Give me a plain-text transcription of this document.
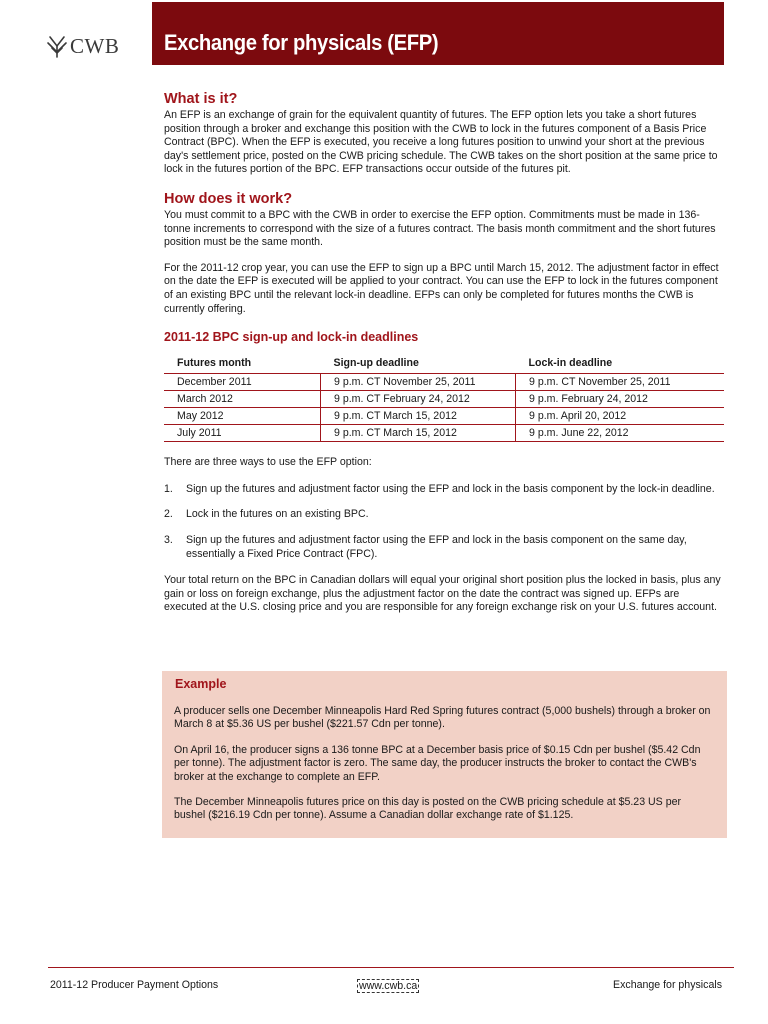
CWB Exchange for physicals (EFP)
What is it?

An EFP is an exchange of grain for the equivalent quantity of futures. The EFP option lets you take a short futures position through a broker and exchange this position with the CWB to lock in the futures component of a Basis Price Contract (BPC). When the EFP is executed, you receive a long futures position to unwind your short at the previous day's settlement price, posted on the CWB pricing schedule. The CWB takes on the short position at the same price to lock in the futures portion of the BPC. EFP transactions occur outside of the futures pit.

How does it work?

You must commit to a BPC with the CWB in order to exercise the EFP option. Commitments must be made in 136-tonne increments to correspond with the size of a futures contract. The basis month commitment and the short futures position must be the same month.

For the 2011-12 crop year, you can use the EFP to sign up a BPC until March 15, 2012. The adjustment factor in effect on the date the EFP is executed will be applied to your contract. You can use the EFP to lock in the futures component of an existing BPC until the relevant lock-in deadline. EFPs can only be completed for futures months the CWB is currently offering.

2011-12 BPC sign-up and lock-in deadlines
Futures month	Sign-up deadline	Lock-in deadline
December 2011	9 p.m. CT November 25, 2011	9 p.m. CT November 25, 2011
March 2012	9 p.m. CT February 24, 2012	9 p.m. February 24, 2012
May 2012	9 p.m. CT March 15, 2012	9 p.m. April 20, 2012
July 2011	9 p.m. CT March 15, 2012	9 p.m. June 22, 2012

There are three ways to use the EFP option:

1. Sign up the futures and adjustment factor using the EFP and lock in the basis component by the lock-in deadline.
2. Lock in the futures on an existing BPC.
3. Sign up the futures and adjustment factor using the EFP and lock in the basis component on the same day, essentially a Fixed Price Contract (FPC).

Your total return on the BPC in Canadian dollars will equal your original short position plus the locked in basis, plus any gain or loss on foreign exchange, plus the adjustment factor on the date the contract was signed up. EFPs are executed at the U.S. closing price and you are responsible for any foreign exchange risk on your U.S. futures account.

Example

A producer sells one December Minneapolis Hard Red Spring futures contract (5,000 bushels) through a broker on March 8 at $5.36 US per bushel ($221.57 Cdn per tonne).

On April 16, the producer signs a 136 tonne BPC at a December basis price of $0.15 Cdn per bushel ($5.42 Cdn per tonne). The adjustment factor is zero. The same day, the producer instructs the broker to contact the CWB's broker at the exchange to complete an EFP.

The December Minneapolis futures price on this day is posted on the CWB pricing schedule at $5.23 US per bushel ($216.19 Cdn per tonne). Assume a Canadian dollar exchange rate of $1.125.

2011-12 Producer Payment Options	www.cwb.ca	Exchange for physicals
